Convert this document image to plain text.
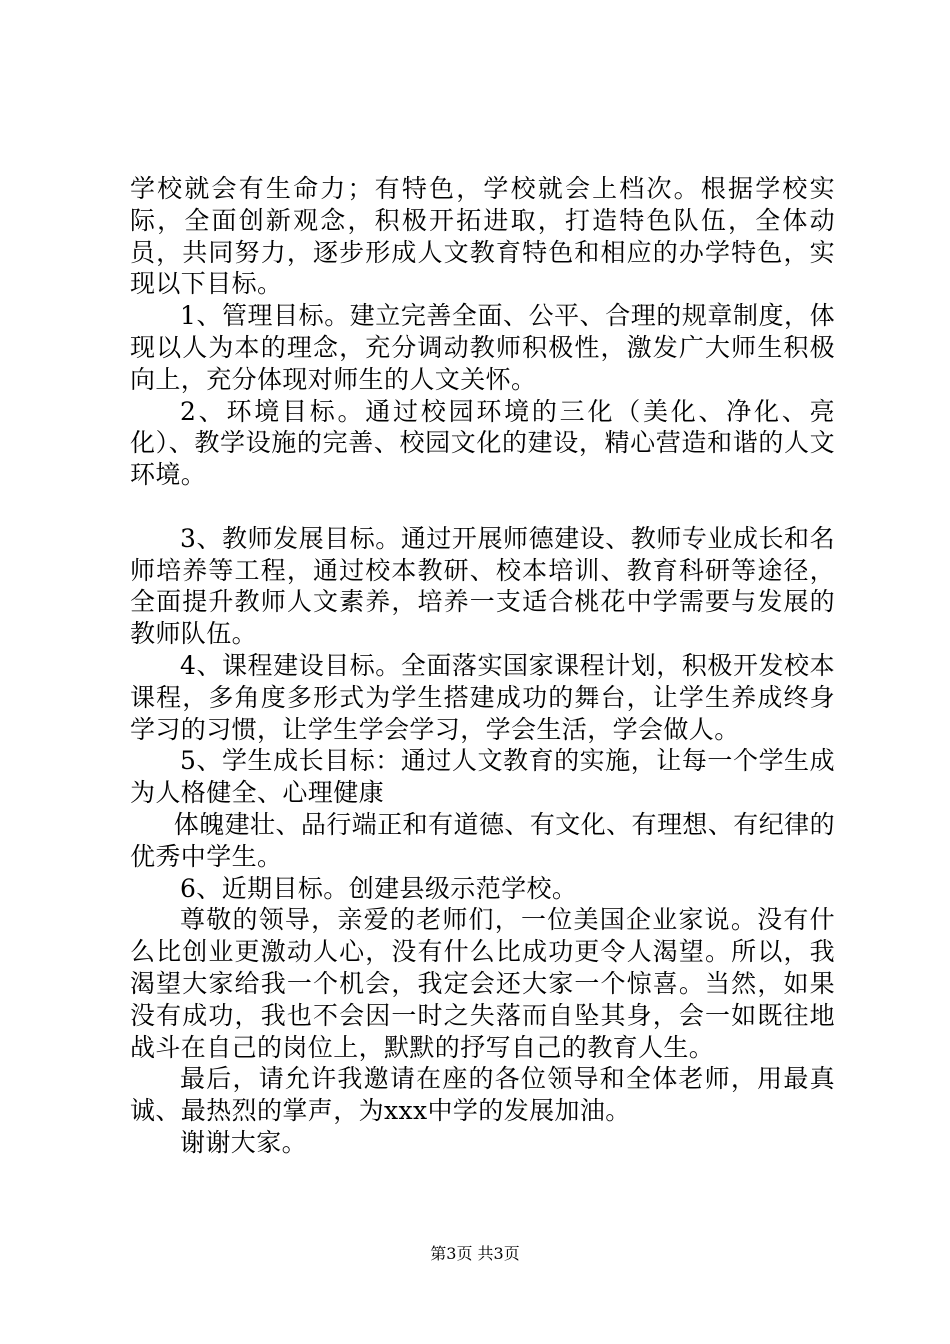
学校就会有生命力；有特色，学校就会上档次。根据学校实际，全面创新观念，积极开拓进取，打造特色队伍，全体动员，共同努力，逐步形成人文教育特色和相应的办学特色，实现以下目标。

1、管理目标。建立完善全面、公平、合理的规章制度，体现以人为本的理念，充分调动教师积极性，激发广大师生积极向上，充分体现对师生的人文关怀。

2、环境目标。通过校园环境的三化（美化、净化、亮化）、教学设施的完善、校园文化的建设，精心营造和谐的人文环境。

3、教师发展目标。通过开展师德建设、教师专业成长和名师培养等工程，通过校本教研、校本培训、教育科研等途径，全面提升教师人文素养，培养一支适合桃花中学需要与发展的教师队伍。

4、课程建设目标。全面落实国家课程计划，积极开发校本课程，多角度多形式为学生搭建成功的舞台，让学生养成终身学习的习惯，让学生学会学习，学会生活，学会做人。

5、学生成长目标：通过人文教育的实施，让每一个学生成为人格健全、心理健康

体魄建壮、品行端正和有道德、有文化、有理想、有纪律的优秀中学生。

6、近期目标。创建县级示范学校。

尊敬的领导，亲爱的老师们，一位美国企业家说。没有什么比创业更激动人心，没有什么比成功更令人渴望。所以，我渴望大家给我一个机会，我定会还大家一个惊喜。当然，如果没有成功，我也不会因一时之失落而自坠其身，会一如既往地战斗在自己的岗位上，默默的抒写自己的教育人生。

最后，请允许我邀请在座的各位领导和全体老师，用最真诚、最热烈的掌声，为xxx中学的发展加油。

谢谢大家。

第3页 共3页
